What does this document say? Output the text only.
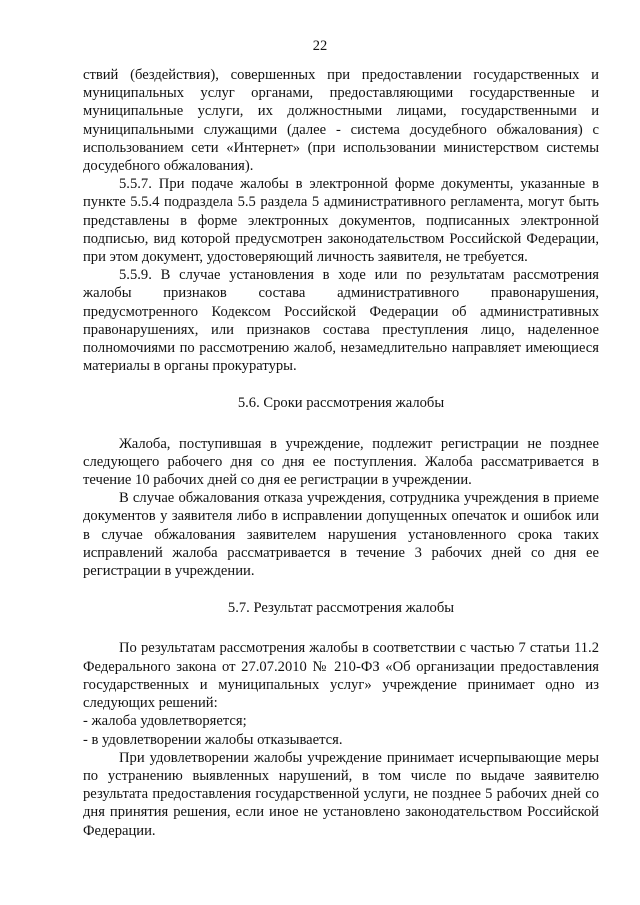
22

ствий (бездействия), совершенных при предоставлении государственных и муниципальных услуг органами, предоставляющими государственные и муниципальные услуги, их должностными лицами, государственными и муниципальными служащими (далее - система досудебного обжалования) с использованием сети «Интернет» (при использовании министерством системы досудебного обжалования).

5.5.7. При подаче жалобы в электронной форме документы, указанные в пункте 5.5.4 подраздела 5.5 раздела 5 административного регламента, могут быть представлены в форме электронных документов, подписанных электронной подписью, вид которой предусмотрен законодательством Российской Федерации, при этом документ, удостоверяющий личность заявителя, не требуется.

5.5.9. В случае установления в ходе или по результатам рассмотрения жалобы признаков состава административного правонарушения, предусмотренного Кодексом Российской Федерации об административных правонарушениях, или признаков состава преступления лицо, наделенное полномочиями по рассмотрению жалоб, незамедлительно направляет имеющиеся материалы в органы прокуратуры.

5.6. Сроки рассмотрения жалобы

Жалоба, поступившая в учреждение, подлежит регистрации не позднее следующего рабочего дня со дня ее поступления. Жалоба рассматривается в течение 10 рабочих дней со дня ее регистрации в учреждении.

В случае обжалования отказа учреждения, сотрудника учреждения в приеме документов у заявителя либо в исправлении допущенных опечаток и ошибок или в случае обжалования заявителем нарушения установленного срока таких исправлений жалоба рассматривается в течение 3 рабочих дней со дня ее регистрации в учреждении.

5.7. Результат рассмотрения жалобы

По результатам рассмотрения жалобы в соответствии с частью 7 статьи 11.2 Федерального закона от 27.07.2010 № 210-ФЗ «Об организации предоставления государственных и муниципальных услуг» учреждение принимает одно из следующих решений:

- жалоба удовлетворяется;

- в удовлетворении жалобы отказывается.

При удовлетворении жалобы учреждение принимает исчерпывающие меры по устранению выявленных нарушений, в том числе по выдаче заявителю результата предоставления государственной услуги, не позднее 5 рабочих дней со дня принятия решения, если иное не установлено законодательством Российской Федерации.
